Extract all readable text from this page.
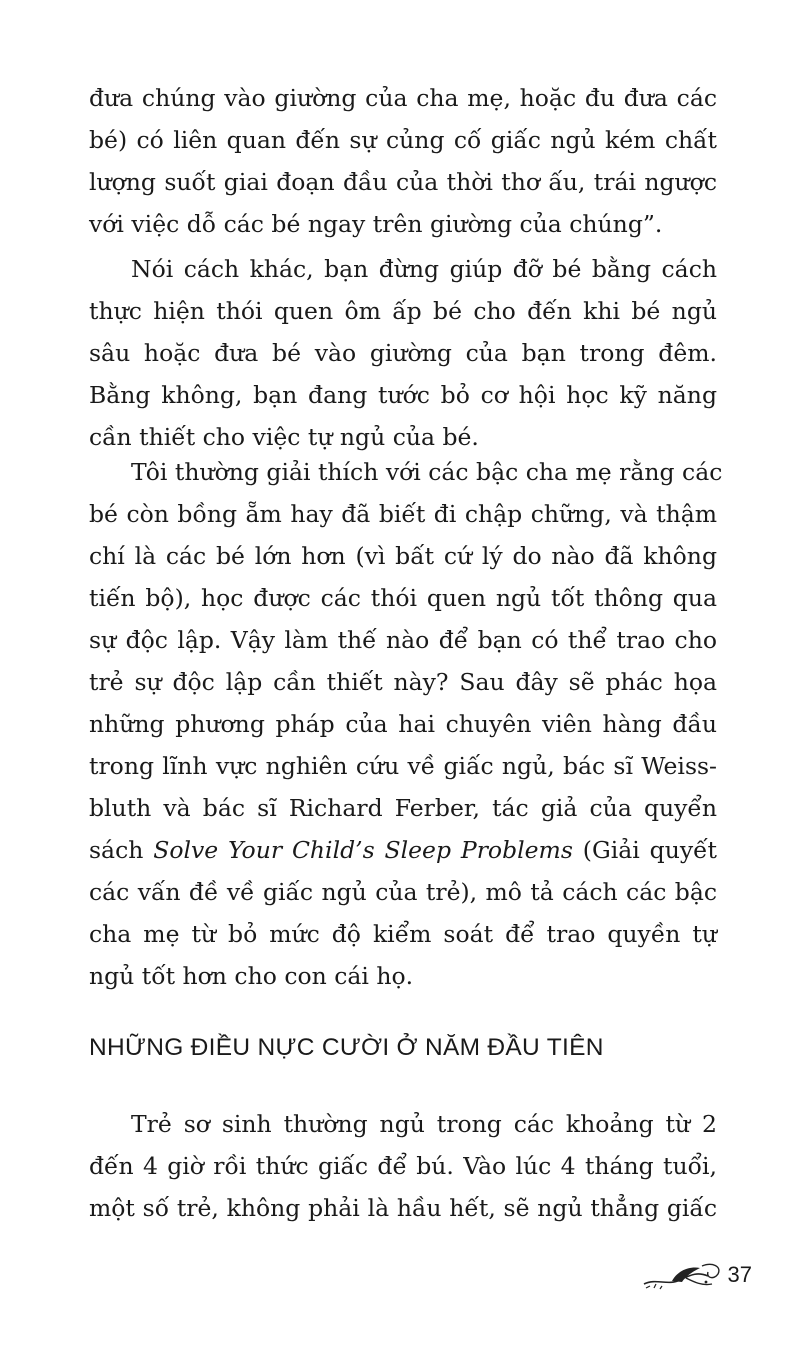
đưa chúng vào giường của cha mẹ, hoặc đu đưa các
bé) có liên quan đến sự củng cố giấc ngủ kém chất
lượng suốt giai đoạn đầu của thời thơ ấu, trái ngược
với việc dỗ các bé ngay trên giường của chúng”.
Nói cách khác, bạn đừng giúp đỡ bé bằng cách
thực hiện thói quen ôm ấp bé cho đến khi bé ngủ
sâu hoặc đưa bé vào giường của bạn trong đêm.
Bằng không, bạn đang tước bỏ cơ hội học kỹ năng
cần thiết cho việc tự ngủ của bé.
Tôi thường giải thích với các bậc cha mẹ rằng các
bé còn bồng ẵm hay đã biết đi chập chững, và thậm
chí là các bé lớn hơn (vì bất cứ lý do nào đã không
tiến bộ), học được các thói quen ngủ tốt thông qua
sự độc lập. Vậy làm thế nào để bạn có thể trao cho
trẻ sự độc lập cần thiết này? Sau đây sẽ phác họa
những phương pháp của hai chuyên viên hàng đầu
trong lĩnh vực nghiên cứu về giấc ngủ, bác sĩ Weiss-
bluth và bác sĩ Richard Ferber, tác giả của quyển
sách Solve Your Child’s Sleep Problems (Giải quyết
các vấn đề về giấc ngủ của trẻ), mô tả cách các bậc
cha mẹ từ bỏ mức độ kiểm soát để trao quyền tự
ngủ tốt hơn cho con cái họ.
NHỮNG ĐIỀU NỰC CƯỜI Ở NĂM ĐẦU TIÊN
Trẻ sơ sinh thường ngủ trong các khoảng từ 2
đến 4 giờ rồi thức giấc để bú. Vào lúc 4 tháng tuổi,
một số trẻ, không phải là hầu hết, sẽ ngủ thẳng giấc
37
